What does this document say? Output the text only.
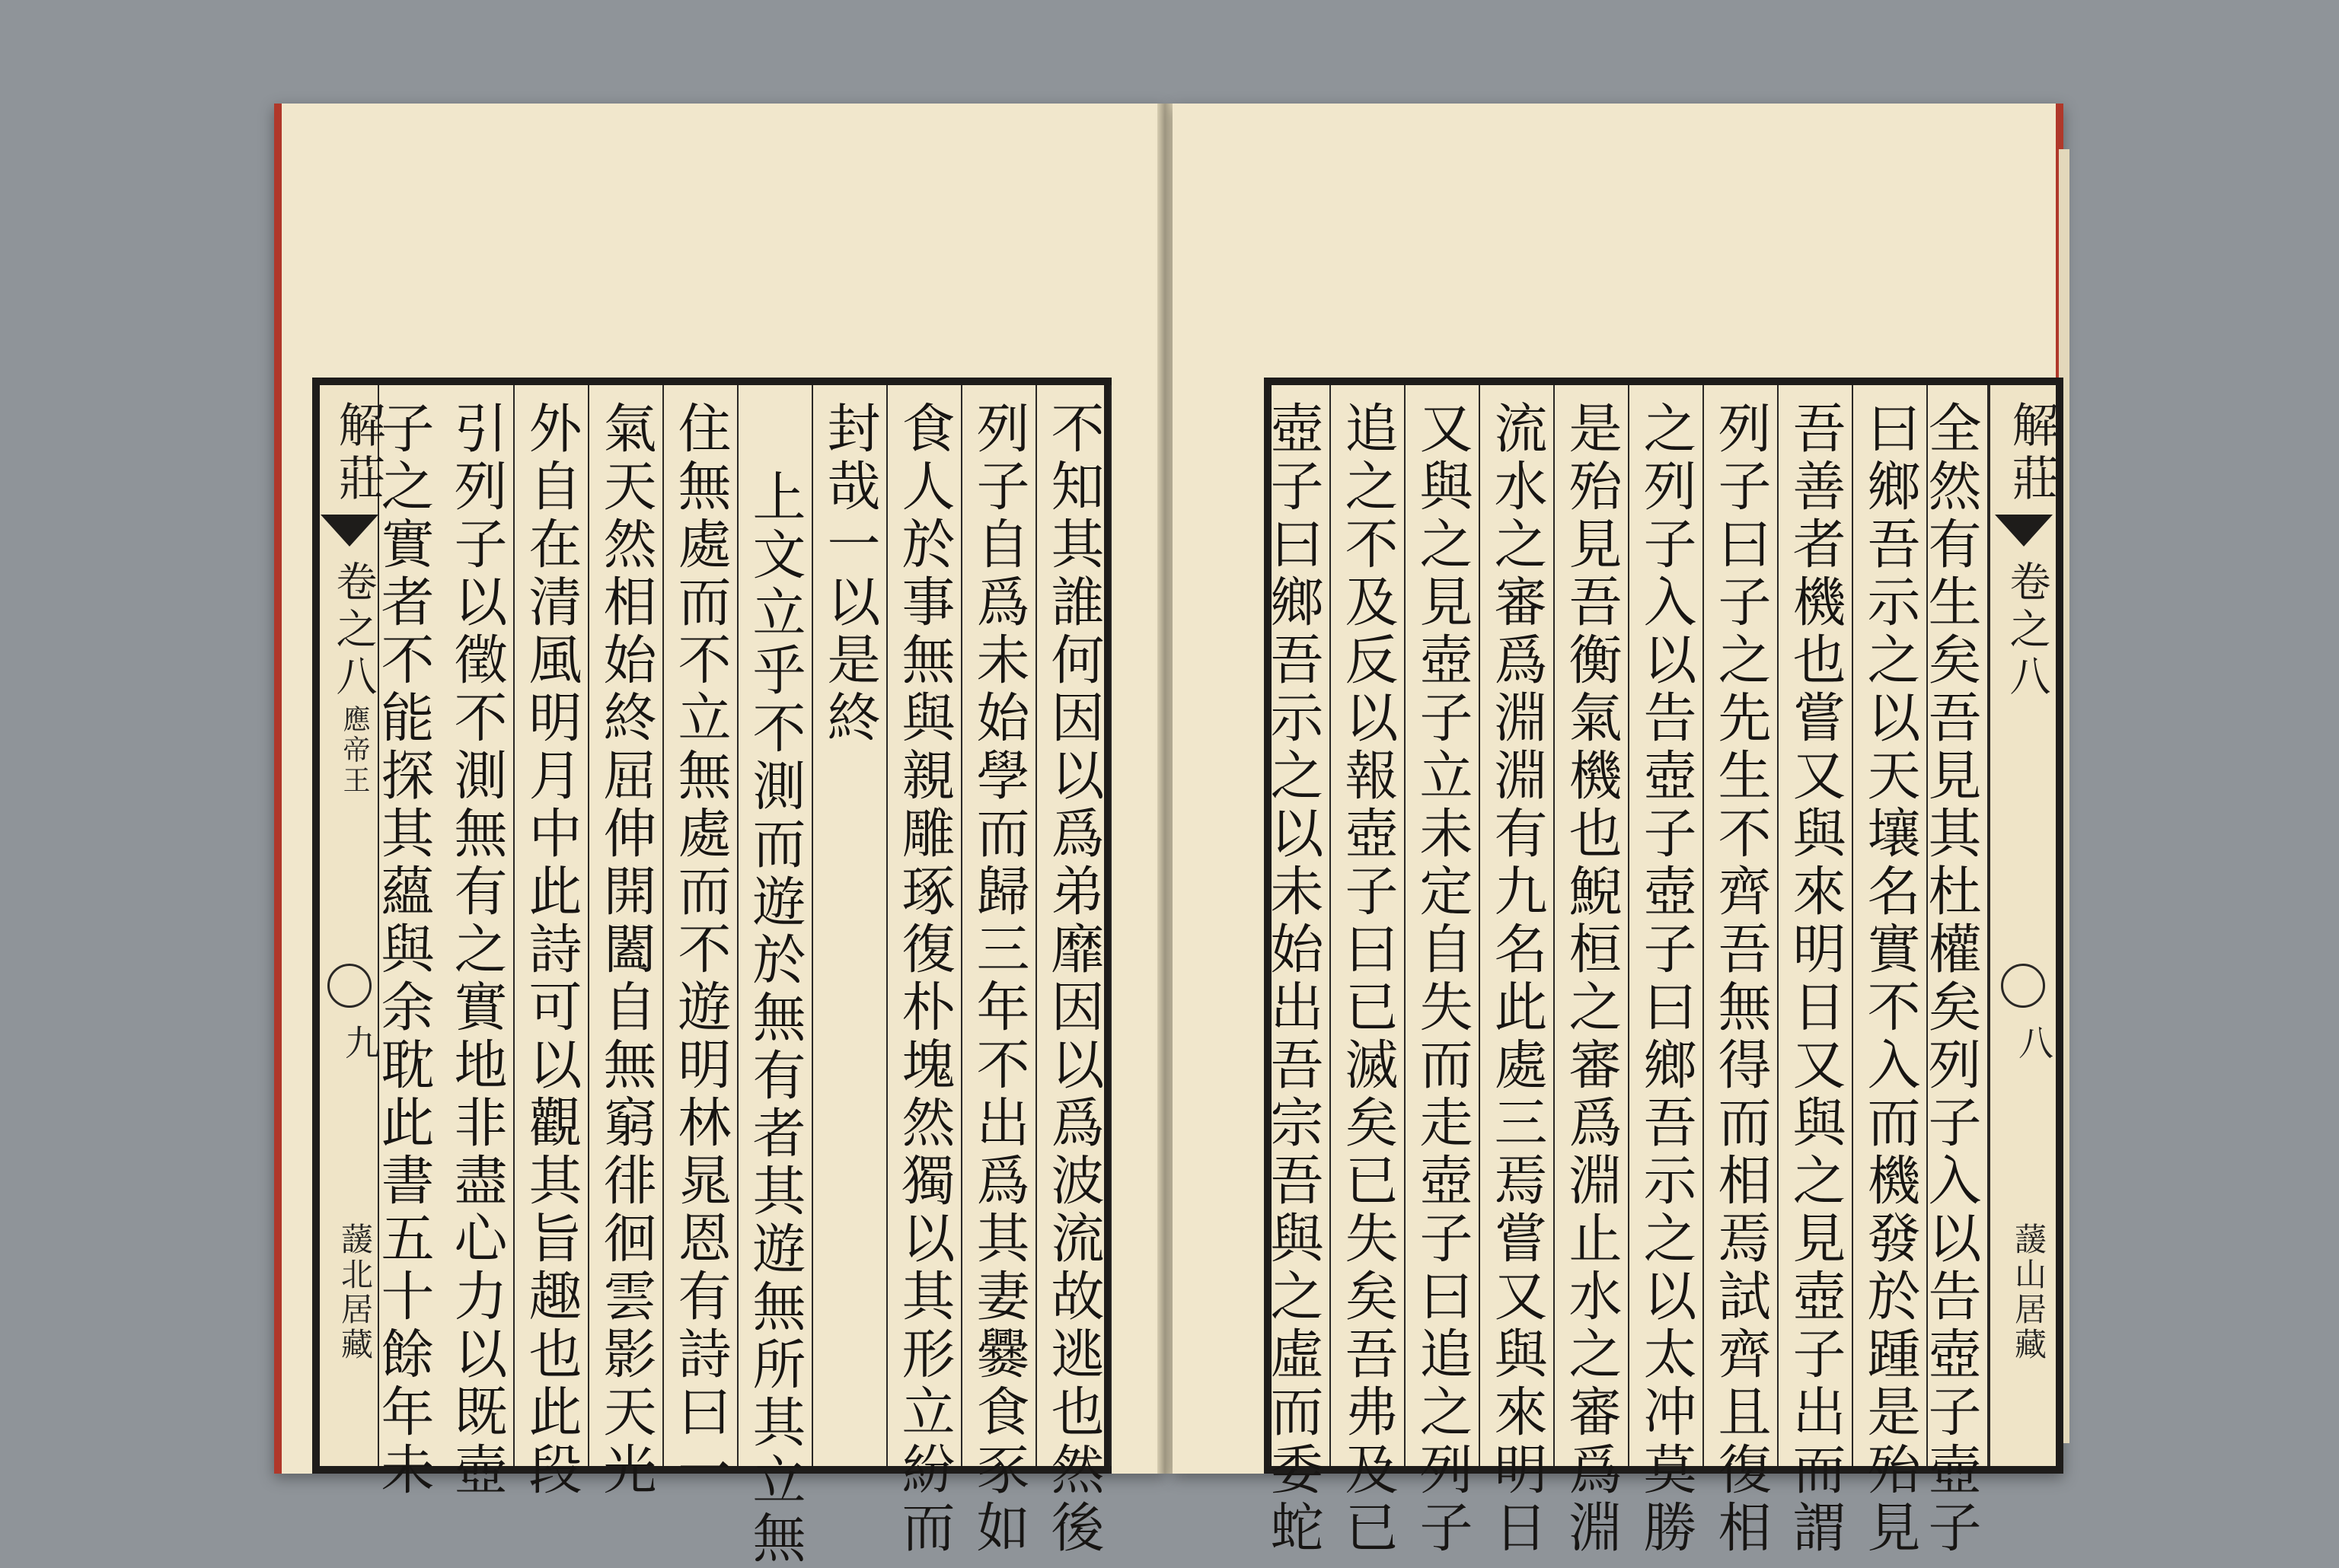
解莊
卷之八
應帝王
九
蘐北居藏	不知其誰何因以爲弟靡因以爲波流故逃也然後
列子自爲未始學而歸三年不出爲其妻爨食豕如
食人於事無與親雕琢復朴塊然獨以其形立紛而
封哉一以是終
上文立乎不測而遊於無有者其遊無所其立無
住無處而不立無處而不遊明林晁恩有詩曰一
氣天然相始終屈伸開闔自無窮徘徊雲影天光
外自在清風明月中此詩可以觀其旨趣也此段
引列子以徵不測無有之實地非盡心力以既壺
子之實者不能探其蘊與余耽此書五十餘年未	全然有生矣吾見其杜權矣列子入以告壺子壺子
曰鄉吾示之以天壤名實不入而機發於踵是殆見
吾善者機也嘗又與來明日又與之見壺子出而謂
列子曰子之先生不齊吾無得而相焉試齊且復相
之列子入以告壺子壺子曰鄉吾示之以太冲莫勝
是殆見吾衡氣機也鯢桓之審爲淵止水之審爲淵
流水之審爲淵淵有九名此處三焉嘗又與來明日
又與之見壺子立未定自失而走壺子曰追之列子
追之不及反以報壺子曰已滅矣已失矣吾弗及已
壺子曰鄉吾示之以未始出吾宗吾與之虛而委蛇	解莊
卷之八
八
蘐山居藏
